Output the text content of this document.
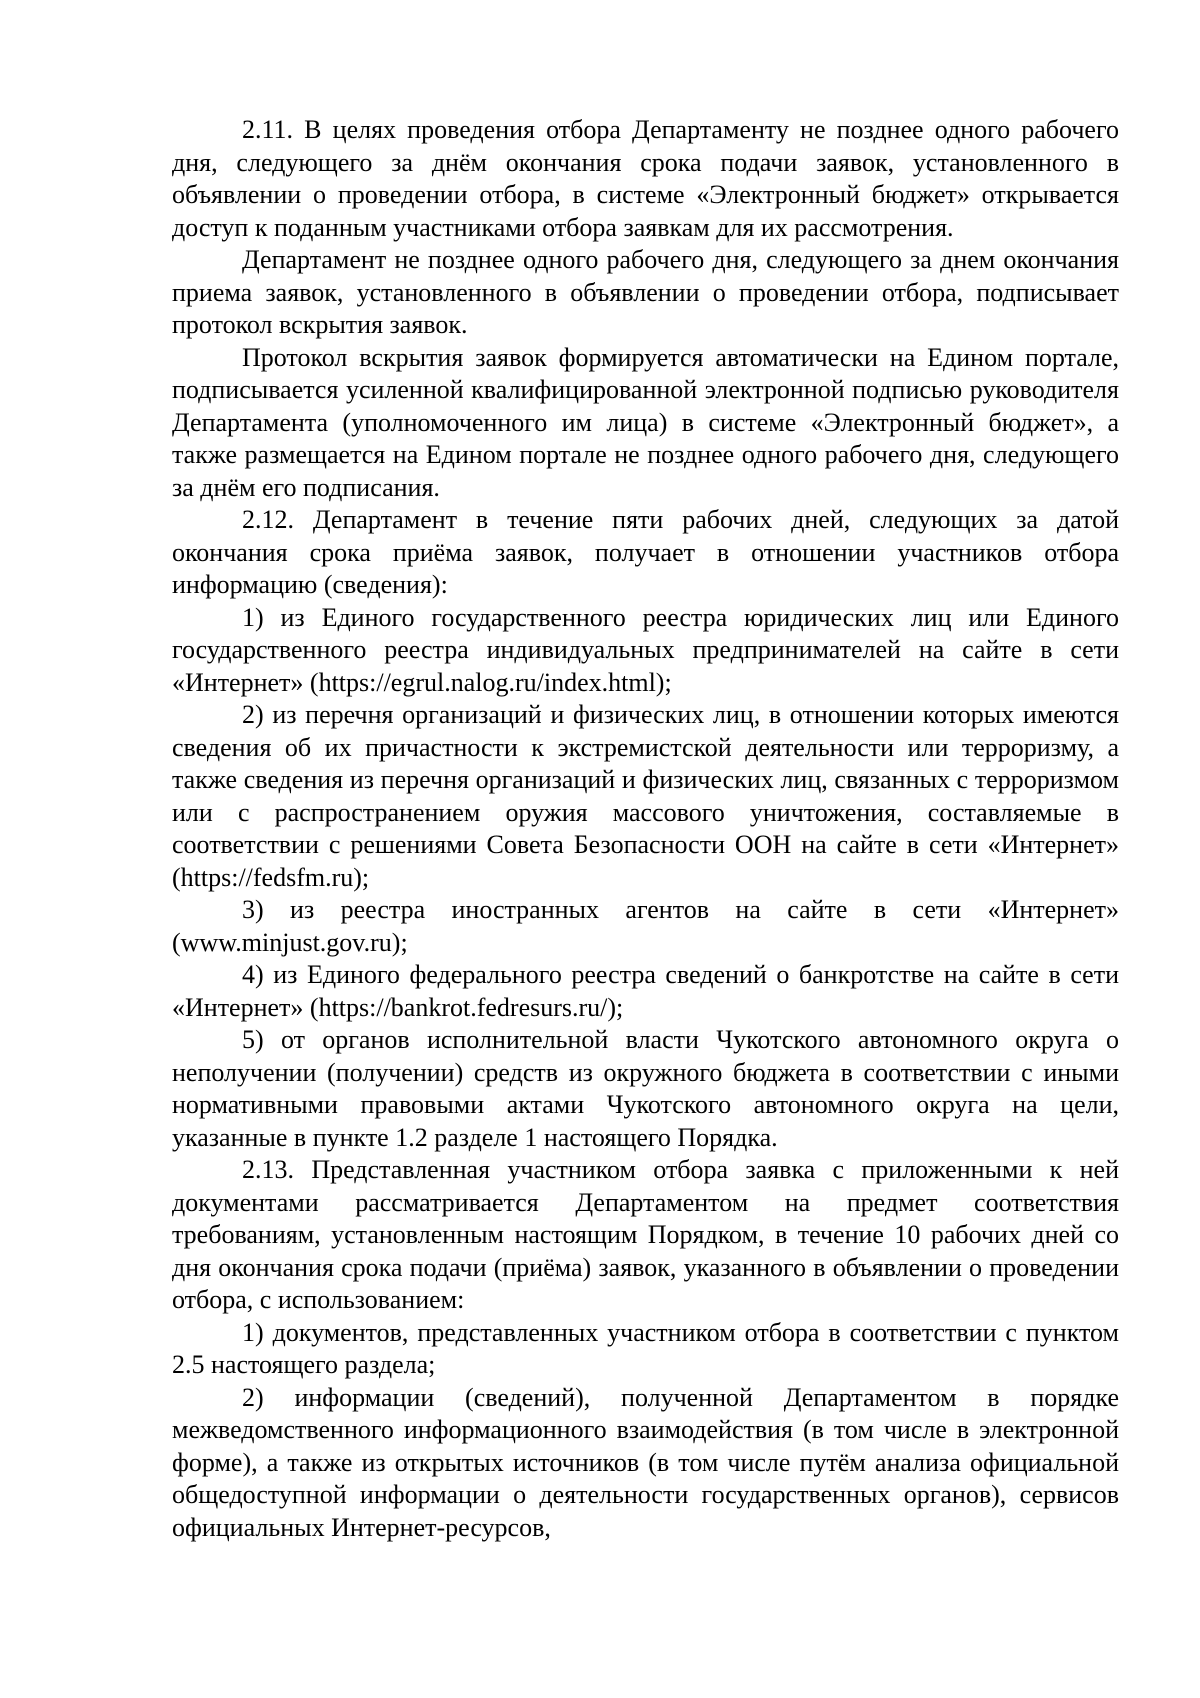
2.11. В целях проведения отбора Департаменту не позднее одного рабочего дня, следующего за днём окончания срока подачи заявок, установленного в объявлении о проведении отбора, в системе «Электронный бюджет» открывается доступ к поданным участниками отбора заявкам для их рассмотрения.

Департамент не позднее одного рабочего дня, следующего за днем окончания приема заявок, установленного в объявлении о проведении отбора, подписывает протокол вскрытия заявок.

Протокол вскрытия заявок формируется автоматически на Едином портале, подписывается усиленной квалифицированной электронной подписью руководителя Департамента (уполномоченного им лица) в системе «Электронный бюджет», а также размещается на Едином портале не позднее одного рабочего дня, следующего за днём его подписания.

2.12. Департамент в течение пяти рабочих дней, следующих за датой окончания срока приёма заявок, получает в отношении участников отбора информацию (сведения):

1) из Единого государственного реестра юридических лиц или Единого государственного реестра индивидуальных предпринимателей на сайте в сети «Интернет» (https://egrul.nalog.ru/index.html);

2) из перечня организаций и физических лиц, в отношении которых имеются сведения об их причастности к экстремистской деятельности или терроризму, а также сведения из перечня организаций и физических лиц, связанных с терроризмом или с распространением оружия массового уничтожения, составляемые в соответствии с решениями Совета Безопасности ООН на сайте в сети «Интернет» (https://fedsfm.ru);

3) из реестра иностранных агентов на сайте в сети «Интернет» (www.minjust.gov.ru);

4) из Единого федерального реестра сведений о банкротстве на сайте в сети «Интернет» (https://bankrot.fedresurs.ru/);

5) от органов исполнительной власти Чукотского автономного округа о неполучении (получении) средств из окружного бюджета в соответствии с иными нормативными правовыми актами Чукотского автономного округа на цели, указанные в пункте 1.2 разделе 1 настоящего Порядка.

2.13. Представленная участником отбора заявка с приложенными к ней документами рассматривается Департаментом на предмет соответствия требованиям, установленным настоящим Порядком, в течение 10 рабочих дней со дня окончания срока подачи (приёма) заявок, указанного в объявлении о проведении отбора, с использованием:

1) документов, представленных участником отбора в соответствии с пунктом 2.5 настоящего раздела;

2) информации (сведений), полученной Департаментом в порядке межведомственного информационного взаимодействия (в том числе в электронной форме), а также из открытых источников (в том числе путём анализа официальной общедоступной информации о деятельности государственных органов), сервисов официальных Интернет-ресурсов,
